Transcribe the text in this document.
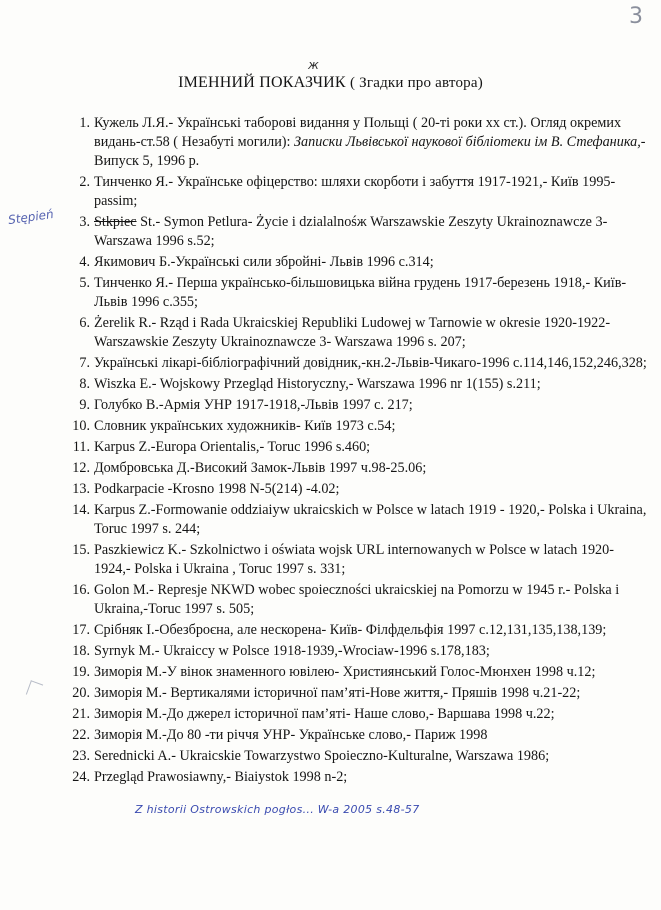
3
ж
ІМЕННИЙ ПОКАЗЧИК ( Згадки про автора)
Stępień
1. Кужель Л.Я.- Українські таборові видання у Польщі ( 20-ті роки xx ст.). Огляд окремих видань-ст.58 ( Незабуті могили): Записки Львівської наукової бібліотеки ім В. Стефаника,- Випуск 5, 1996 р.
2. Тинченко Я.- Українське офіцерство: шляхи скорботи і забуття 1917-1921,- Київ 1995- passim;
3. Stkpiec St.- Symon Petlura- Życie i dzialalnośж Warszawskie Zeszyty Ukrainoznawcze 3- Warszawa 1996 s.52;
4. Якимович Б.-Українські сили збройні- Львів 1996 с.314;
5. Тинченко Я.- Перша українсько-більшовицька війна грудень 1917-березень 1918,- Київ-Львів 1996 с.355;
6. Żerelik R.- Rząd i Rada Ukraicskiej Republiki Ludowej w Tarnowie w okresie 1920-1922- Warszawskie Zeszyty Ukrainoznawcze 3- Warszawa 1996 s. 207;
7. Українські лікарі-бібліографічний довідник,-кн.2-Львів-Чикаго-1996 с.114,146,152,246,328;
8. Wiszka E.- Wojskowy Przegląd Historyczny,- Warszawa 1996 nr 1(155) s.211;
9. Голубко В.-Армія УНР 1917-1918,-Львів 1997 с. 217;
10. Словник українських художників- Київ 1973 с.54;
11. Karpus Z.-Europa Orientalis,- Toruc 1996 s.460;
12. Домбровська Д.-Високий Замок-Львів 1997 ч.98-25.06;
13. Podkarpacie -Krosno 1998 N-5(214) -4.02;
14. Karpus Z.-Formowanie oddziaiyw ukraicskich w Polsce w latach 1919 - 1920,- Polska i Ukraina, Toruc 1997 s. 244;
15. Paszkiewicz K.- Szkolnictwo i oświata wojsk URL internowanych w Polsce w latach 1920-1924,- Polska i Ukraina , Toruc 1997 s. 331;
16. Golon M.- Represje NKWD wobec spoieczności ukraicskiej na Pomorzu w 1945 r.- Polska i Ukraina,-Toruc 1997 s. 505;
17. Срібняк І.-Обезброєна, але нескорена- Київ- Філфдельфія 1997 с.12,131,135,138,139;
18. Syrnyk M.- Ukraiccy w Polsce 1918-1939,-Wrociaw-1996 s.178,183;
19. Зиморія М.-У вінок знаменного ювілею- Християнський Голос-Мюнхен 1998 ч.12;
20. Зиморія М.- Вертикалями історичної пам’яті-Нове життя,- Пряшів 1998 ч.21-22;
21. Зиморія М.-До джерел історичної пам’яті- Наше слово,- Варшава 1998 ч.22;
22. Зиморія М.-До 80 -ти річчя УНР- Українське слово,- Париж 1998
23. Serednicki A.- Ukraicskie Towarzystwo Spoieczno-Kulturalne, Warszawa 1986;
24. Przegląd Prawosiawny,- Biaiystok 1998 n-2;
Z historii Ostrowskich pogłos... W-a 2005 s.48-57
